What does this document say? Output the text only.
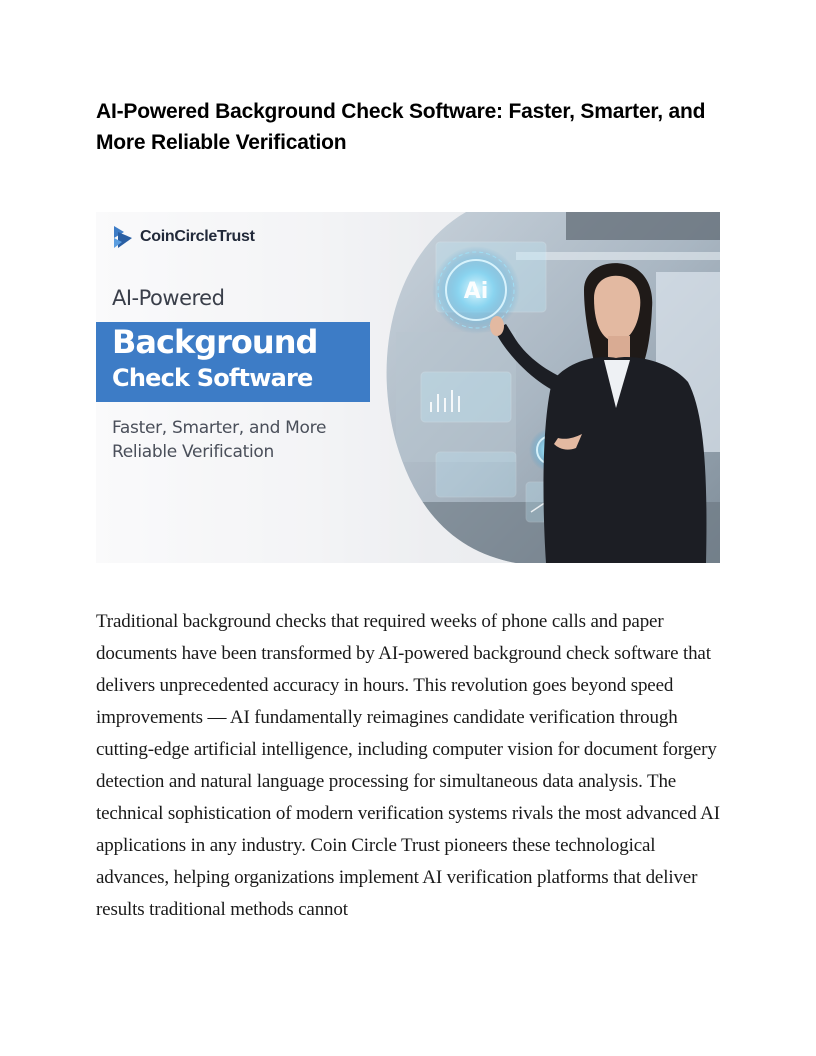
AI-Powered Background Check Software: Faster, Smarter, and More Reliable Verification
Ai
CoinCircleTrust
AI-Powered
Background
Check Software
Faster, Smarter, and More
Reliable Verification

Traditional background checks that required weeks of phone calls and paper documents have been transformed by AI-powered background check software that delivers unprecedented accuracy in hours. This revolution goes beyond speed improvements — AI fundamentally reimagines candidate verification through cutting-edge artificial intelligence, including computer vision for document forgery detection and natural language processing for simultaneous data analysis. The technical sophistication of modern verification systems rivals the most advanced AI applications in any industry. Coin Circle Trust pioneers these technological advances, helping organizations implement AI verification platforms that deliver results traditional methods cannot
